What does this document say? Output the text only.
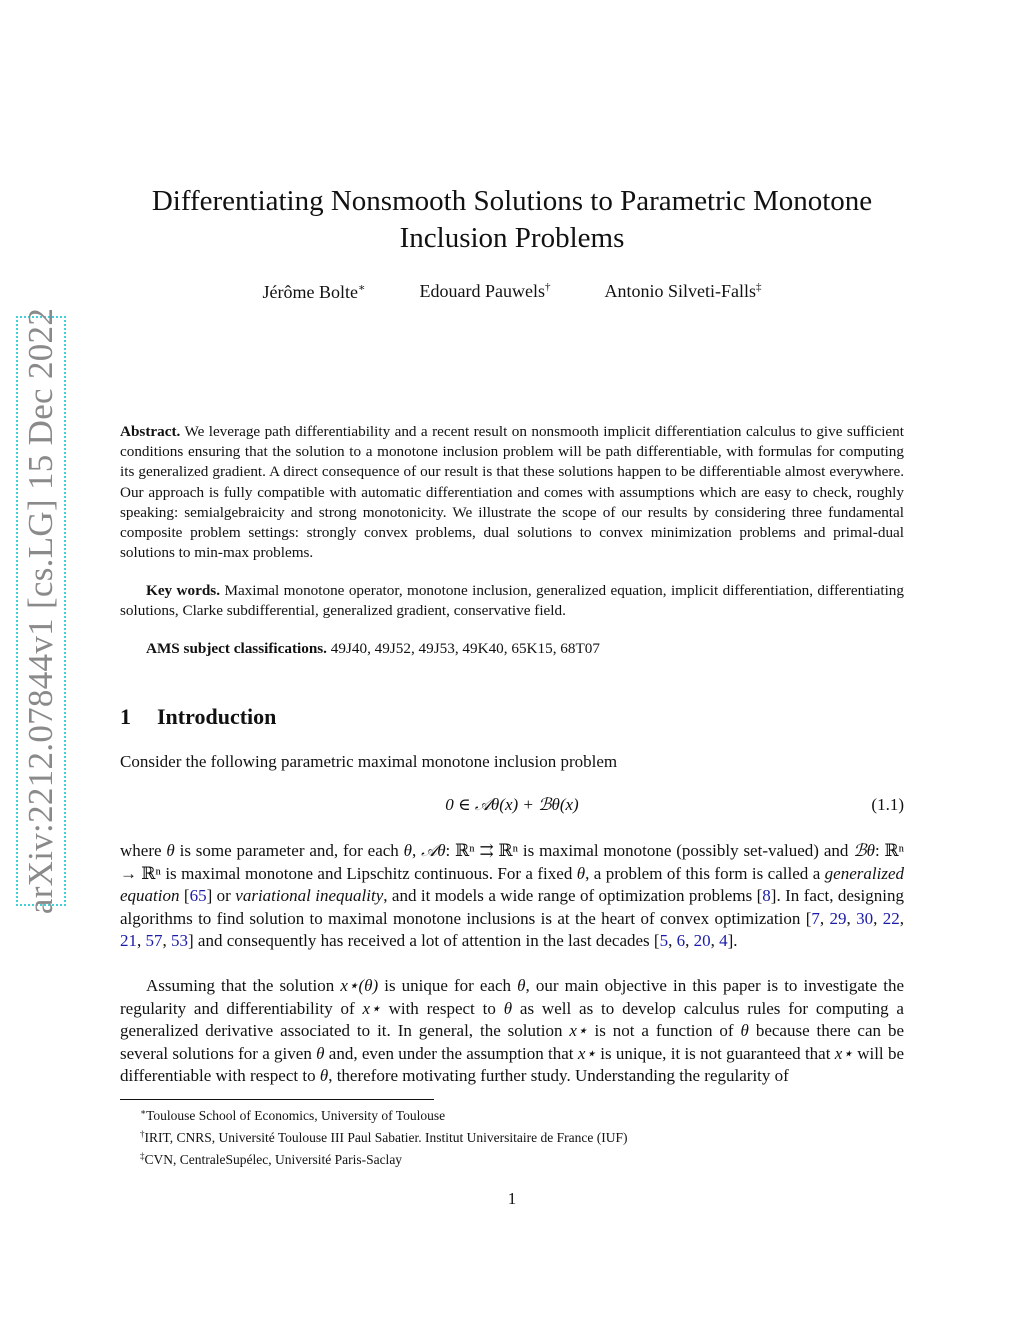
arXiv:2212.07844v1 [cs.LG] 15 Dec 2022
Differentiating Nonsmooth Solutions to Parametric Monotone
Inclusion Problems
Jérôme Bolte∗	Edouard Pauwels†	Antonio Silveti-Falls‡
Abstract. We leverage path differentiability and a recent result on nonsmooth implicit differentiation calculus to give sufficient conditions ensuring that the solution to a monotone inclusion problem will be path differentiable, with formulas for computing its generalized gradient. A direct consequence of our result is that these solutions happen to be differentiable almost everywhere. Our approach is fully compatible with automatic differentiation and comes with assumptions which are easy to check, roughly speaking: semialgebraicity and strong monotonicity. We illustrate the scope of our results by considering three fundamental composite problem settings: strongly convex problems, dual solutions to convex minimization problems and primal-dual solutions to min-max problems.
Key words. Maximal monotone operator, monotone inclusion, generalized equation, implicit differentiation, differentiating solutions, Clarke subdifferential, generalized gradient, conservative field.
AMS subject classifications. 49J40, 49J52, 49J53, 49K40, 65K15, 68T07
1 Introduction
Consider the following parametric maximal monotone inclusion problem
0 ∈ 𝒜θ(x) + ℬθ(x)	(1.1)
where θ is some parameter and, for each θ, 𝒜θ: ℝⁿ ⇉ ℝⁿ is maximal monotone (possibly set-valued) and ℬθ: ℝⁿ → ℝⁿ is maximal monotone and Lipschitz continuous. For a fixed θ, a problem of this form is called a generalized equation [65] or variational inequality, and it models a wide range of optimization problems [8]. In fact, designing algorithms to find solution to maximal monotone inclusions is at the heart of convex optimization [7, 29, 30, 22, 21, 57, 53] and consequently has received a lot of attention in the last decades [5, 6, 20, 4].
Assuming that the solution x⋆(θ) is unique for each θ, our main objective in this paper is to investigate the regularity and differentiability of x⋆ with respect to θ as well as to develop calculus rules for computing a generalized derivative associated to it. In general, the solution x⋆ is not a function of θ because there can be several solutions for a given θ and, even under the assumption that x⋆ is unique, it is not guaranteed that x⋆ will be differentiable with respect to θ, therefore motivating further study. Understanding the regularity of
∗Toulouse School of Economics, University of Toulouse
†IRIT, CNRS, Université Toulouse III Paul Sabatier. Institut Universitaire de France (IUF)
‡CVN, CentraleSupélec, Université Paris-Saclay
1
